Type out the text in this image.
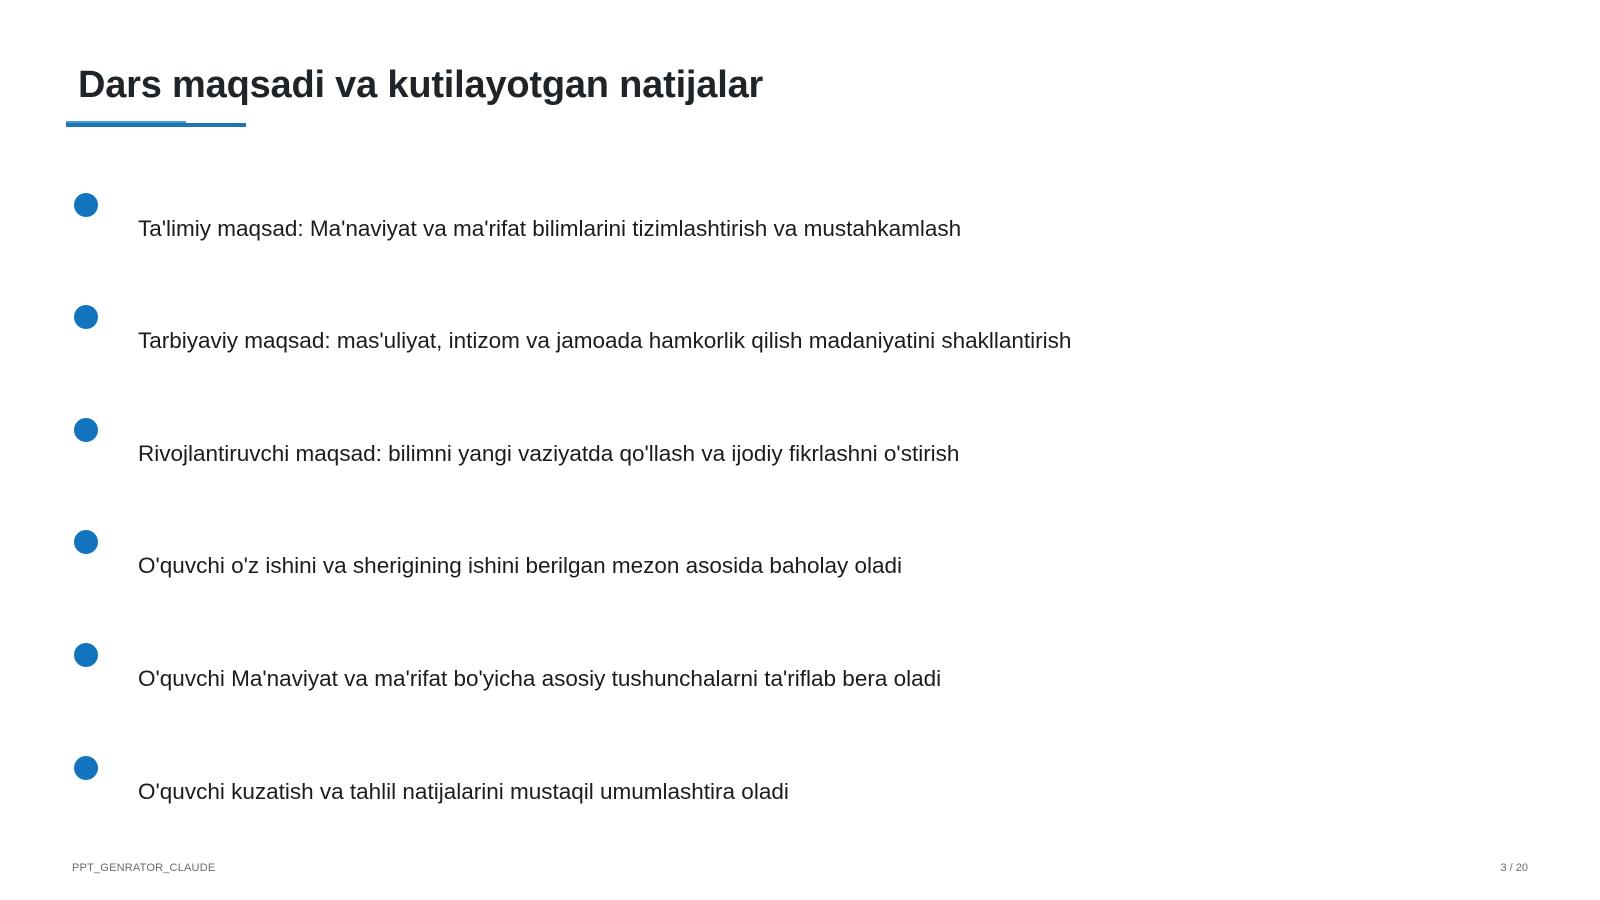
Dars maqsadi va kutilayotgan natijalar
Ta'limiy maqsad: Ma'naviyat va ma'rifat bilimlarini tizimlashtirish va mustahkamlash
Tarbiyaviy maqsad: mas'uliyat, intizom va jamoada hamkorlik qilish madaniyatini shakllantirish
Rivojlantiruvchi maqsad: bilimni yangi vaziyatda qo'llash va ijodiy fikrlashni o'stirish
O'quvchi o'z ishini va sherigining ishini berilgan mezon asosida baholay oladi
O'quvchi Ma'naviyat va ma'rifat bo'yicha asosiy tushunchalarni ta'riflab bera oladi
O'quvchi kuzatish va tahlil natijalarini mustaqil umumlashtira oladi
PPT_GENRATOR_CLAUDE	3 / 20
